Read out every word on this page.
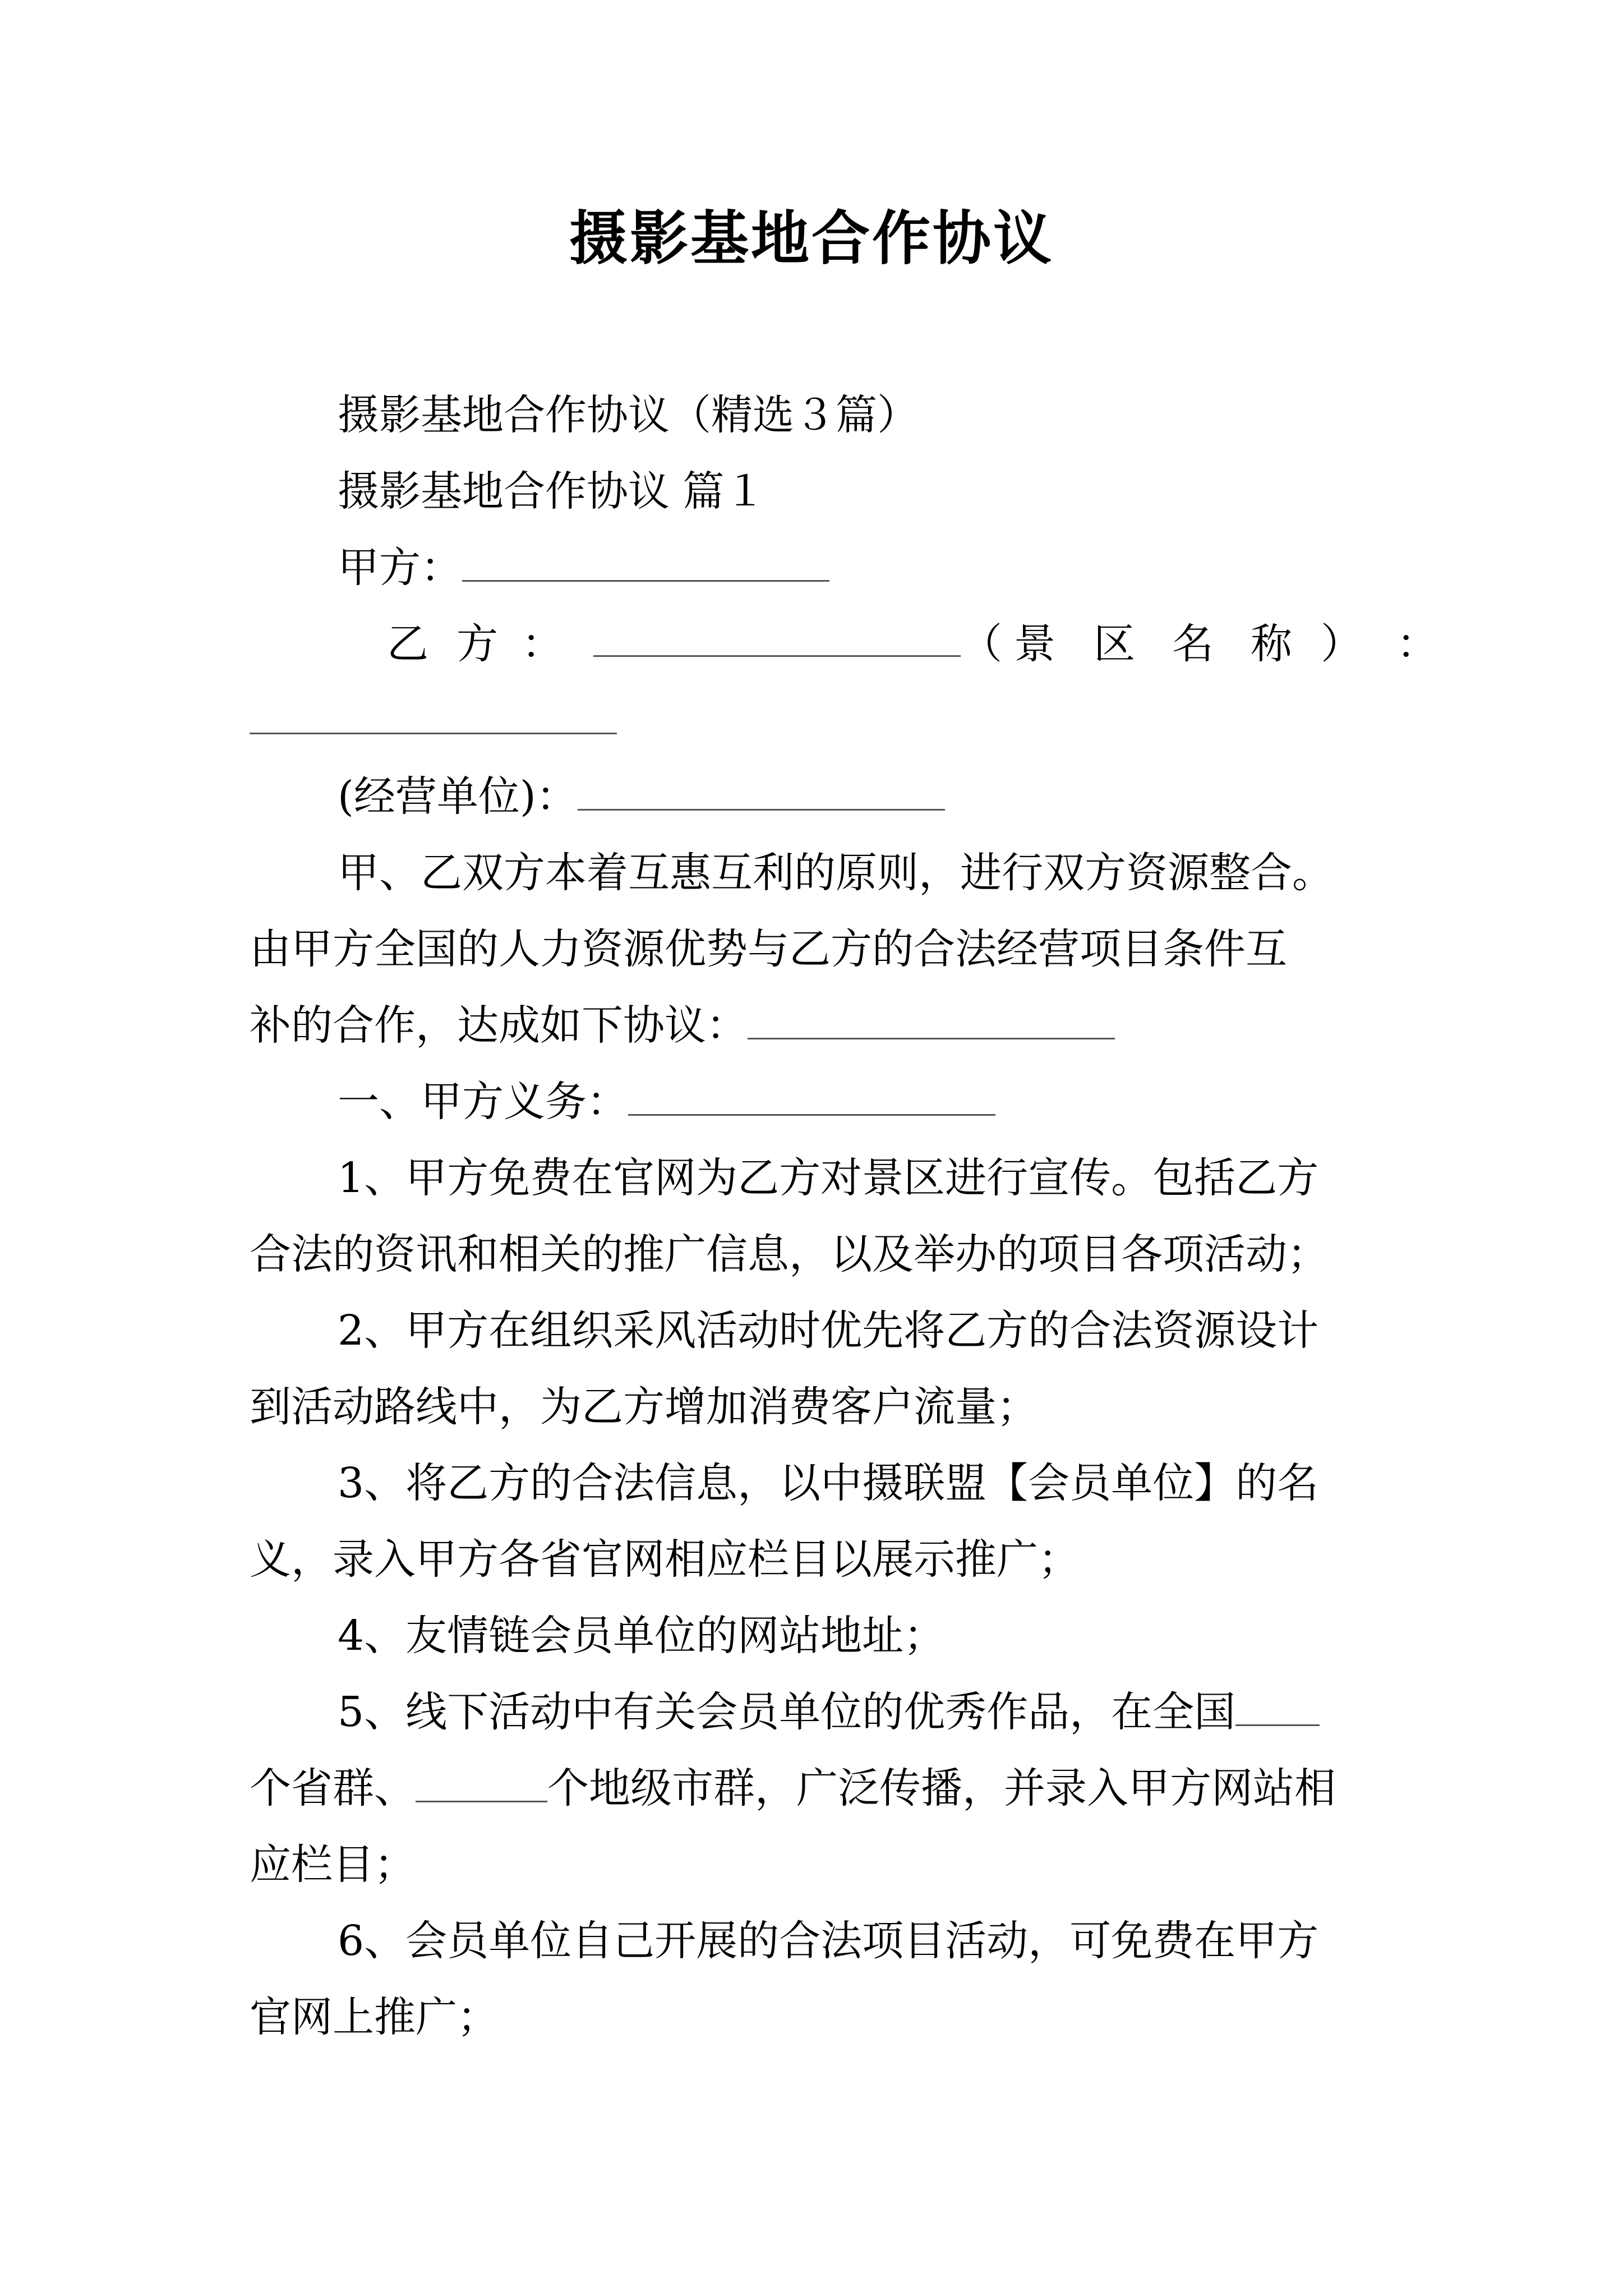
摄影基地合作协议
摄影基地合作协议（精选３篇）
摄影基地合作协议 篇１
甲方：
乙 方 ：	（ 景 区 名 称 ） ：
(经营单位)：
甲、乙双方本着互惠互利的原则，进行双方资源整合。
由甲方全国的人力资源优势与乙方的合法经营项目条件互
补的合作，达成如下协议：
一、甲方义务：
1、甲方免费在官网为乙方对景区进行宣传。包括乙方
合法的资讯和相关的推广信息，以及举办的项目各项活动；
2、甲方在组织采风活动时优先将乙方的合法资源设计
到活动路线中，为乙方增加消费客户流量；
3、将乙方的合法信息，以中摄联盟【会员单位】的名
义，录入甲方各省官网相应栏目以展示推广；
4、友情链会员单位的网站地址；
5、线下活动中有关会员单位的优秀作品，在全国
个省群、	个地级市群，广泛传播，并录入甲方网站相
应栏目；
6、会员单位自己开展的合法项目活动，可免费在甲方
官网上推广；
